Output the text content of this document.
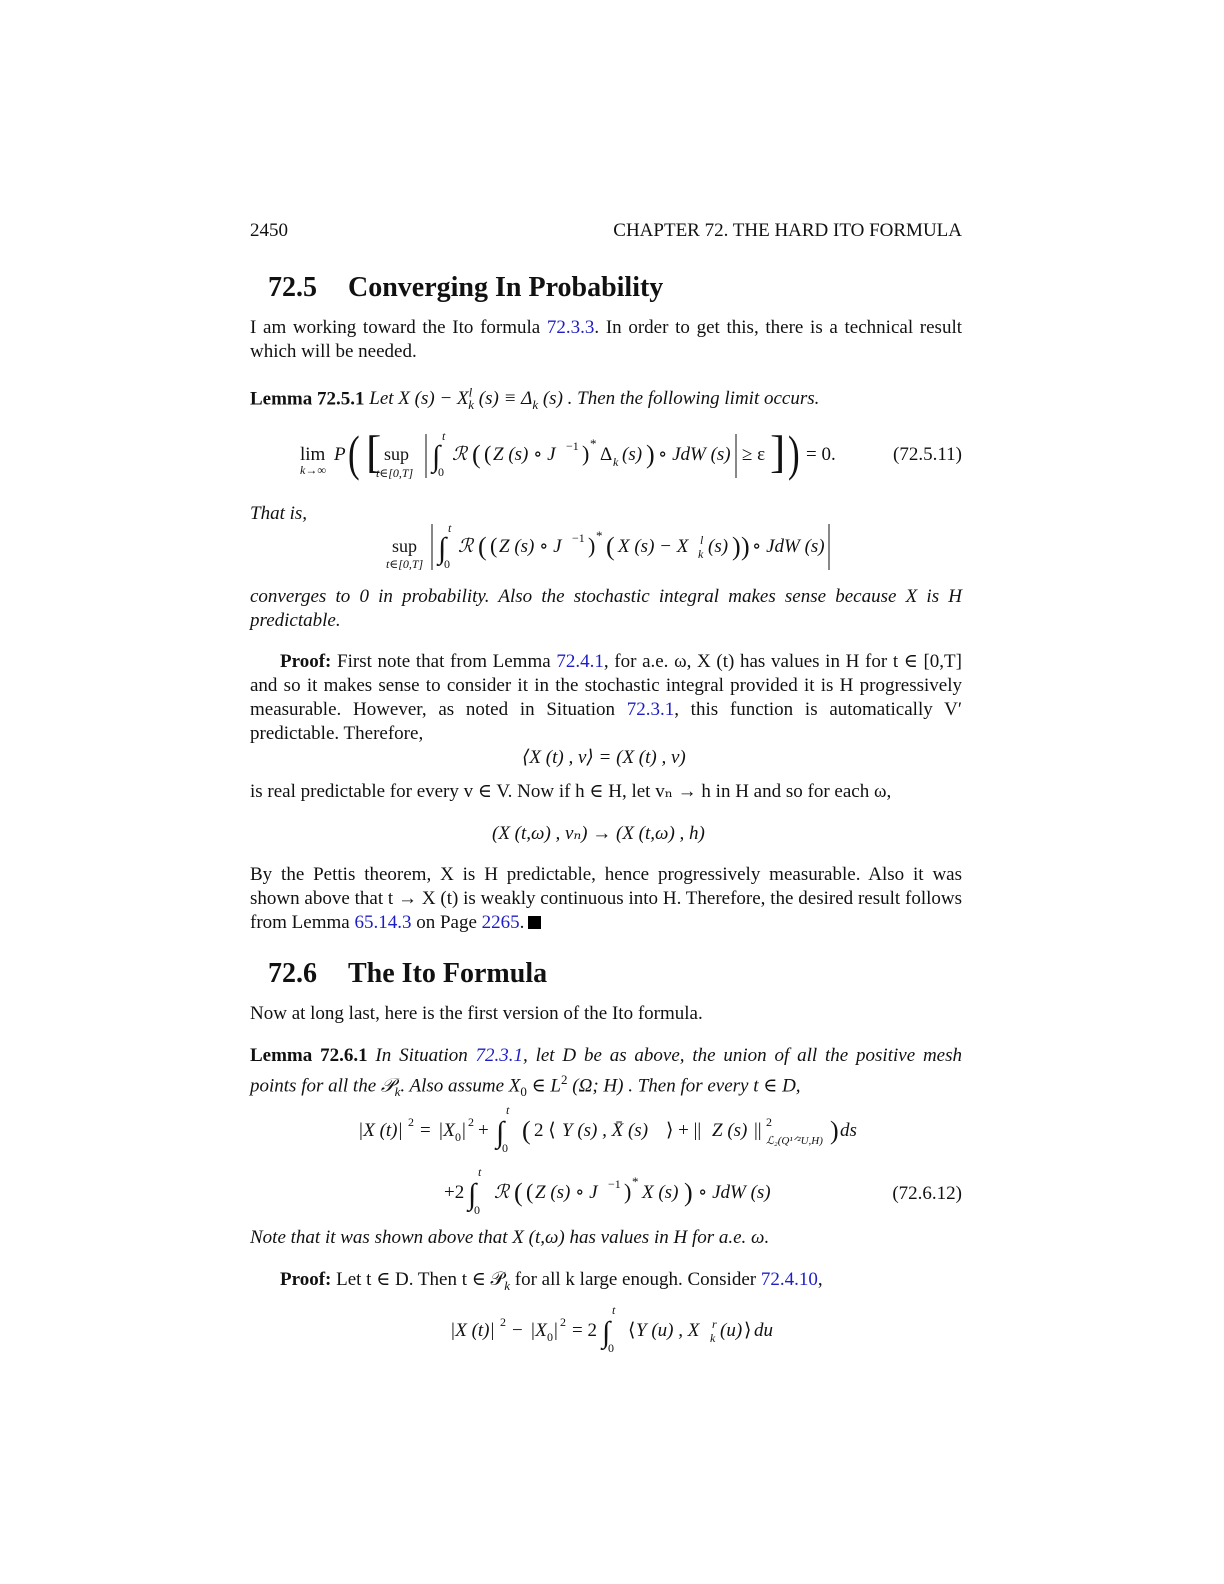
2450	CHAPTER 72. THE HARD ITO FORMULA
72.5 Converging In Probability
I am working toward the Ito formula 72.3.3. In order to get this, there is a technical result which will be needed.
Lemma 72.5.1 Let X $(s) - X^l_k$ $(s) \equiv \Delta_k$ (s) . Then the following limit occurs.
lim
k→∞
P ( [ sup
t∈[0,T] ∫
t
0
ℛ ( ( Z (s) ∘ J −1 ) *
Δ k (s) ) ∘ JdW (s) ≥ ε ] ) = 0.	(72.5.11)
That is,
sup
t∈[0,T] ∫
t
0
ℛ ( ( Z (s) ∘ J −1 ) * ( X (s) − X l
k (s) ) ) ∘ JdW (s)
converges to 0 in probability. Also the stochastic integral makes sense because X is H predictable.
Proof: First note that from Lemma 72.4.1, for a.e. ω, X (t) has values in H for t ∈ [0,T] and so it makes sense to consider it in the stochastic integral provided it is H progressively measurable. However, as noted in Situation 72.3.1, this function is automatically V′ predictable. Therefore,
⟨X (t) , v⟩ = (X (t) , v)
is real predictable for every v ∈ V. Now if h ∈ H, let vₙ → h in H and so for each ω,
(X (t,ω) , vₙ) → (X (t,ω) , h)
By the Pettis theorem, X is H predictable, hence progressively measurable. Also it was shown above that t → X (t) is weakly continuous into H. Therefore, the desired result follows from Lemma 65.14.3 on Page 2265.
72.6 The Ito Formula
Now at long last, here is the first version of the Ito formula.
Lemma 72.6.1 In Situation 72.3.1, let D be as above, the union of all the positive mesh points for all the 𝒫$_k$. Also assume $X_0$ ∈ $L^2$ (Ω; H) . Then for every t ∈ D,
|X (t)| 2 = |X 0 | 2 + ∫
t
0
( 2 ⟨ Y (s) , X̄ (s) ⟩ + || Z (s) || 2
ℒ₂(Q¹ᐟ²U,H) ) ds
+2 ∫
t
0
ℛ ( ( Z (s) ∘ J −1 ) *
X (s) ) ∘ JdW (s)	(72.6.12)
Note that it was shown above that X (t,ω) has values in H for a.e. ω.
Proof: Let t ∈ D. Then t ∈ 𝒫$_k$ for all k large enough. Consider 72.4.10,
|X (t)| 2 − |X 0 | 2 = 2 ∫
t
0
⟨ Y (u) , X r
k (u) ⟩ du
